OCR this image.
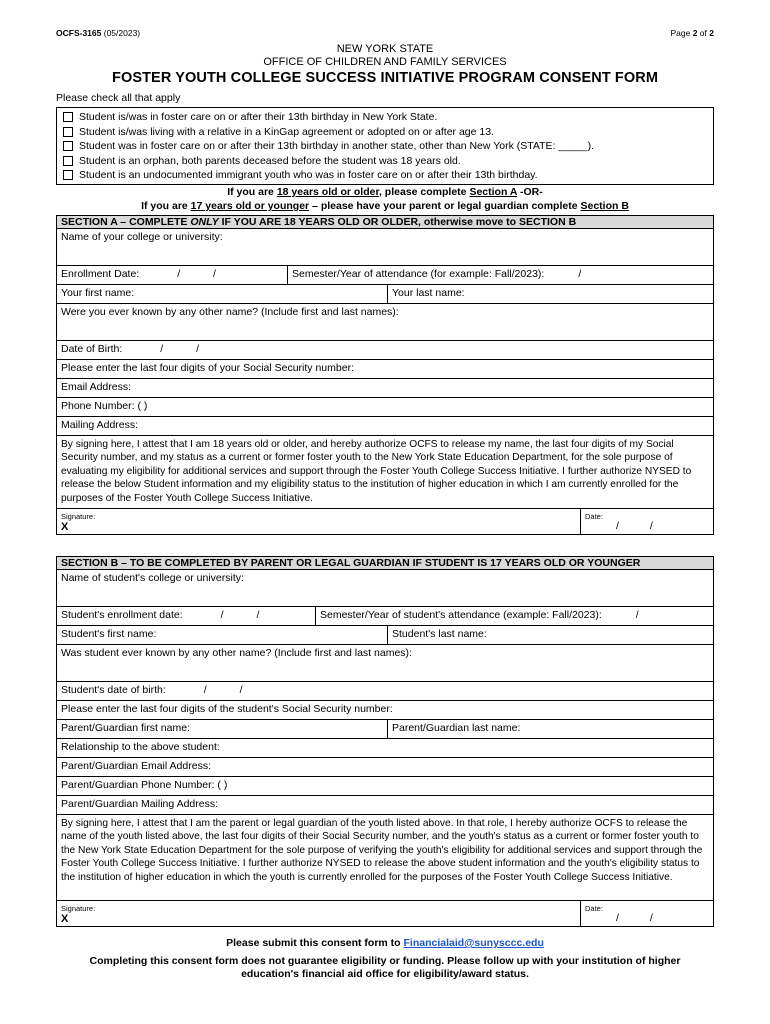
OCFS-3165 (05/2023)	Page 2 of 2
NEW YORK STATE
OFFICE OF CHILDREN AND FAMILY SERVICES
FOSTER YOUTH COLLEGE SUCCESS INITIATIVE PROGRAM CONSENT FORM
Please check all that apply
Student is/was in foster care on or after their 13th birthday in New York State.
Student is/was living with a relative in a KinGap agreement or adopted on or after age 13.
Student was in foster care on or after their 13th birthday in another state, other than New York (STATE: _____).
Student is an orphan, both parents deceased before the student was 18 years old.
Student is an undocumented immigrant youth who was in foster care on or after their 13th birthday.
If you are 18 years old or older, please complete Section A -OR-
If you are 17 years old or younger – please have your parent or legal guardian complete Section B
SECTION A – COMPLETE ONLY IF YOU ARE 18 YEARS OLD OR OLDER, otherwise move to SECTION B
Name of your college or university:
Enrollment Date:	/ /	Semester/Year of attendance (for example: Fall/2023):	/
Your first name:	Your last name:
Were you ever known by any other name? (Include first and last names):
Date of Birth:	/ /
Please enter the last four digits of your Social Security number:
Email Address:
Phone Number: ( )
Mailing Address:
By signing here, I attest that I am 18 years old or older, and hereby authorize OCFS to release my name, the last four digits of my Social Security number, and my status as a current or former foster youth to the New York State Education Department, for the sole purpose of evaluating my eligibility for additional services and support through the Foster Youth College Success Initiative. I further authorize NYSED to release the below Student information and my eligibility status to the institution of higher education in which I am currently enrolled for the purposes of the Foster Youth College Success Initiative.
Signature:
X
Date:
/ /
SECTION B – TO BE COMPLETED BY PARENT OR LEGAL GUARDIAN IF STUDENT IS 17 YEARS OLD OR YOUNGER
Name of student's college or university:
Student's enrollment date:	/ /	Semester/Year of student's attendance (example: Fall/2023):	/
Student's first name:	Student's last name:
Was student ever known by any other name? (Include first and last names):
Student's date of birth:	/ /
Please enter the last four digits of the student's Social Security number:
Parent/Guardian first name:	Parent/Guardian last name:
Relationship to the above student:
Parent/Guardian Email Address:
Parent/Guardian Phone Number: ( )
Parent/Guardian Mailing Address:
By signing here, I attest that I am the parent or legal guardian of the youth listed above. In that role, I hereby authorize OCFS to release the name of the youth listed above, the last four digits of their Social Security number, and the youth's status as a current or former foster youth to the New York State Education Department for the sole purpose of verifying the youth's eligibility for additional services and support through the Foster Youth College Success Initiative. I further authorize NYSED to release the above student information and the youth's eligibility status to the institution of higher education in which the youth is currently enrolled for the purposes of the Foster Youth College Success Initiative.
Signature:
X
Date:
/ /
Please submit this consent form to Financialaid@sunysccc.edu
Completing this consent form does not guarantee eligibility or funding. Please follow up with your institution of higher
education's financial aid office for eligibility/award status.
